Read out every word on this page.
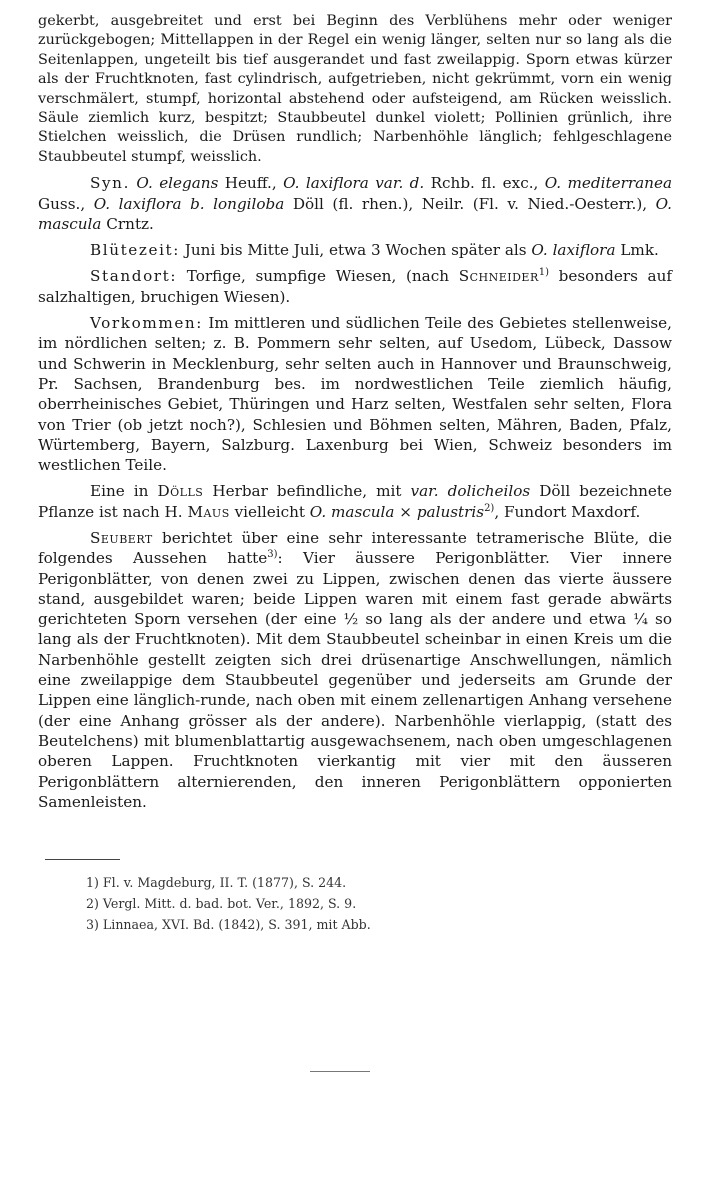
gekerbt, ausgebreitet und erst bei Beginn des Verblühens mehr oder weniger zurückgebogen; Mittellappen in der Regel ein wenig länger, selten nur so lang als die Seitenlappen, ungeteilt bis tief ausgerandet und fast zweilappig. Sporn etwas kürzer als der Fruchtknoten, fast cylindrisch, aufgetrieben, nicht gekrümmt, vorn ein wenig verschmälert, stumpf, horizontal abstehend oder aufsteigend, am Rücken weisslich. Säule ziemlich kurz, bespitzt; Staubbeutel dunkel violett; Pollinien grünlich, ihre Stielchen weisslich, die Drüsen rundlich; Narbenhöhle länglich; fehlgeschlagene Staubbeutel stumpf, weisslich.

Syn. O. elegans Heuff., O. laxiflora var. d. Rchb. fl. exc., O. mediterranea Guss., O. laxiflora b. longiloba Döll (fl. rhen.), Neilr. (Fl. v. Nied.-Oesterr.), O. mascula Crntz.

Blütezeit: Juni bis Mitte Juli, etwa 3 Wochen später als O. laxiflora Lmk.

Standort: Torfige, sumpfige Wiesen, (nach Schneider$^{1)}$ besonders auf salzhaltigen, bruchigen Wiesen).

Vorkommen: Im mittleren und südlichen Teile des Gebietes stellenweise, im nördlichen selten; z. B. Pommern sehr selten, auf Usedom, Lübeck, Dassow und Schwerin in Mecklenburg, sehr selten auch in Hannover und Braunschweig, Pr. Sachsen, Brandenburg bes. im nordwestlichen Teile ziemlich häufig, oberrheinisches Gebiet, Thüringen und Harz selten, Westfalen sehr selten, Flora von Trier (ob jetzt noch?), Schlesien und Böhmen selten, Mähren, Baden, Pfalz, Würtemberg, Bayern, Salzburg. Laxenburg bei Wien, Schweiz besonders im westlichen Teile.

Eine in Dölls Herbar befindliche, mit var. dolicheilos Döll bezeichnete Pflanze ist nach H. Maus vielleicht O. mascula × palustris$^{2)}$, Fundort Maxdorf.

Seubert berichtet über eine sehr interessante tetramerische Blüte, die folgendes Aussehen hatte$^{3)}$: Vier äussere Perigonblätter. Vier innere Perigonblätter, von denen zwei zu Lippen, zwischen denen das vierte äussere stand, ausgebildet waren; beide Lippen waren mit einem fast gerade abwärts gerichteten Sporn versehen (der eine ½ so lang als der andere und etwa ¼ so lang als der Fruchtknoten). Mit dem Staubbeutel scheinbar in einen Kreis um die Narbenhöhle gestellt zeigten sich drei drüsenartige Anschwellungen, nämlich eine zweilappige dem Staubbeutel gegenüber und jederseits am Grunde der Lippen eine länglich-runde, nach oben mit einem zellenartigen Anhang versehene (der eine Anhang grösser als der andere). Narbenhöhle vierlappig, (statt des Beutelchens) mit blumenblattartig ausgewachsenem, nach oben umgeschlagenen oberen Lappen. Fruchtknoten vierkantig mit vier mit den äusseren Perigonblättern alternierenden, den inneren Perigonblättern opponierten Samenleisten.

1) Fl. v. Magdeburg, II. T. (1877), S. 244.

2) Vergl. Mitt. d. bad. bot. Ver., 1892, S. 9.

3) Linnaea, XVI. Bd. (1842), S. 391, mit Abb.
